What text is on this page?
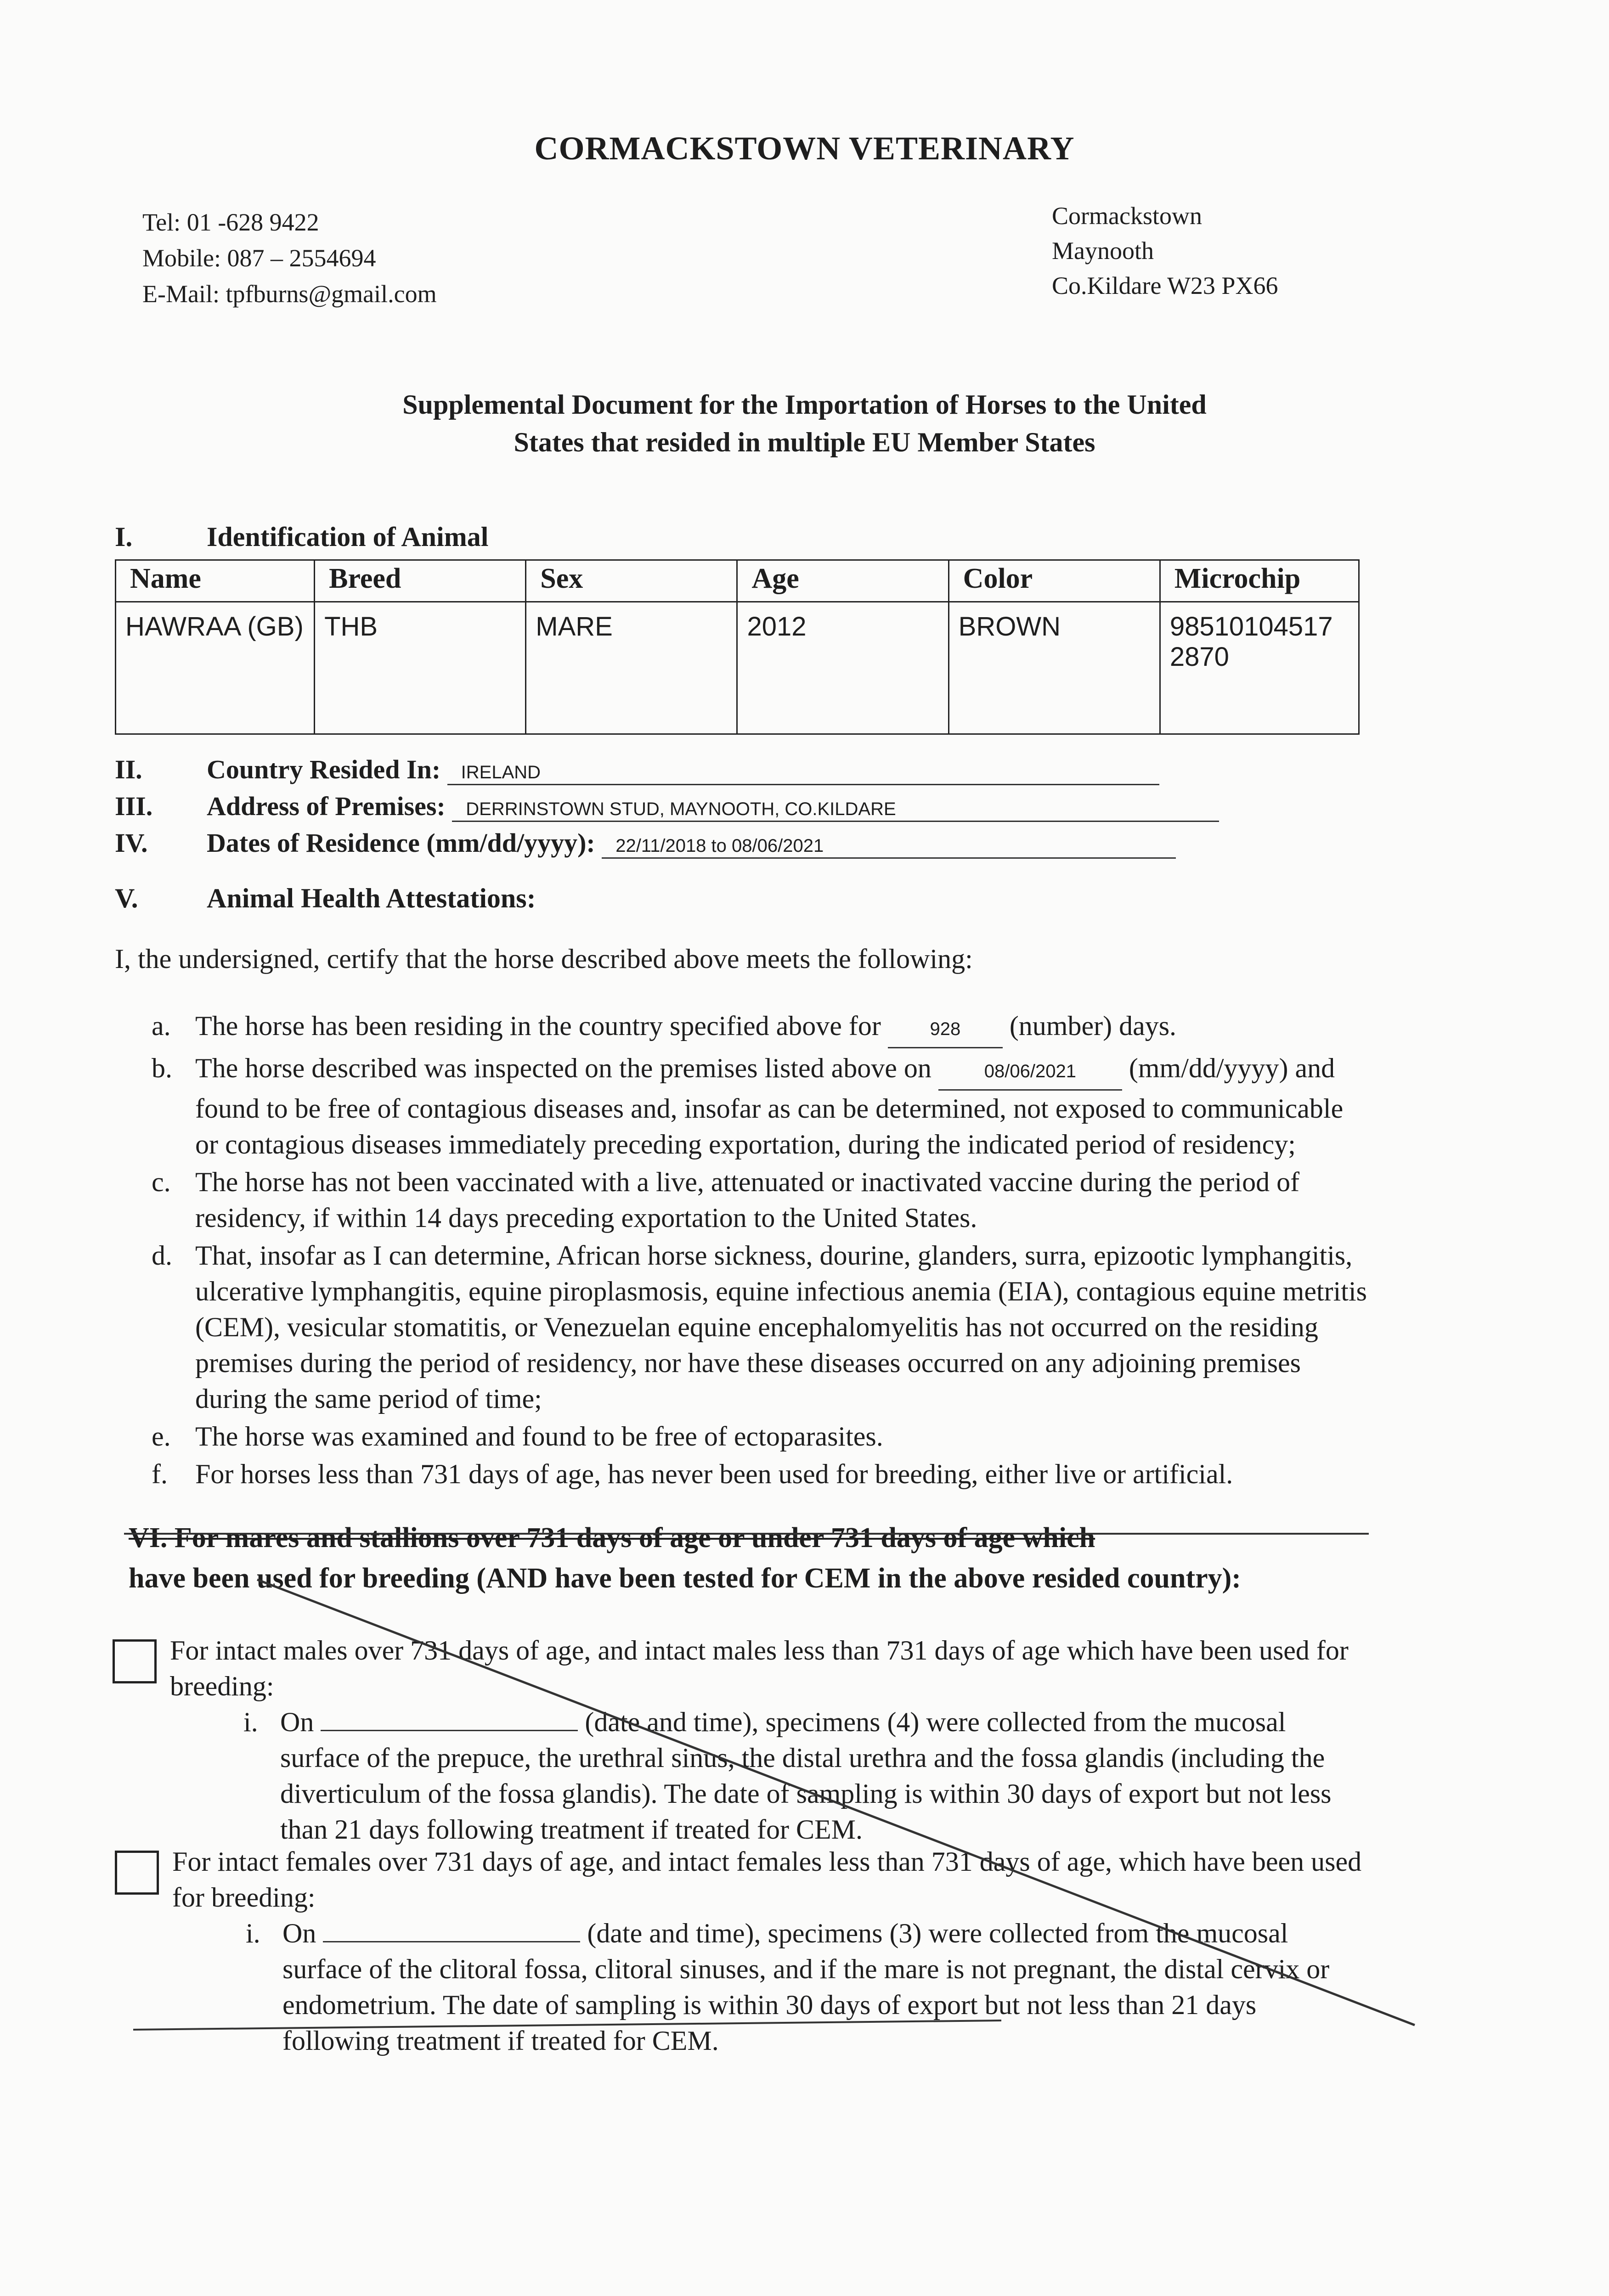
CORMACKSTOWN VETERINARY
Tel: 01 -628 9422
Mobile: 087 – 2554694
E-Mail: tpfburns@gmail.com
Cormackstown
Maynooth
Co.Kildare W23 PX66
Supplemental Document for the Importation of Horses to the United
States that resided in multiple EU Member States
I.	Identification of Animal
Name	Breed	Sex	Age	Color	Microchip
HAWRAA (GB)	THB	MARE	2012	BROWN	98510104517 2870
II. Country Resided In: IRELAND
III. Address of Premises: DERRINSTOWN STUD, MAYNOOTH, CO.KILDARE
IV. Dates of Residence (mm/dd/yyyy): 22/11/2018 to 08/06/2021
V. Animal Health Attestations:
I, the undersigned, certify that the horse described above meets the following:
a. The horse has been residing in the country specified above for	928 (number) days.
b. The horse described was inspected on the premises listed above on	08/06/2021 (mm/dd/yyyy) and found to be free of contagious diseases and, insofar as can be determined, not exposed to communicable or contagious diseases immediately preceding exportation, during the indicated period of residency;
c. The horse has not been vaccinated with a live, attenuated or inactivated vaccine during the period of residency, if within 14 days preceding exportation to the United States.
d. That, insofar as I can determine, African horse sickness, dourine, glanders, surra, epizootic lymphangitis, ulcerative lymphangitis, equine piroplasmosis, equine infectious anemia (EIA), contagious equine metritis (CEM), vesicular stomatitis, or Venezuelan equine encephalomyelitis has not occurred on the residing premises during the period of residency, nor have these diseases occurred on any adjoining premises during the same period of time;
e. The horse was examined and found to be free of ectoparasites.
f.	For horses less than 731 days of age, has never been used for breeding, either live or artificial.
VI. For mares and stallions over 731 days of age or under 731 days of age which
have been used for breeding (AND have been tested for CEM in the above resided country):
For intact males over 731 days of age, and intact males less than 731 days of age which have been used for breeding:
i. On	(date and time), specimens (4) were collected from the mucosal surface of the prepuce, the urethral sinus, the distal urethra and the fossa glandis (including the diverticulum of the fossa glandis). The date of sampling is within 30 days of export but not less than 21 days following treatment if treated for CEM.
For intact females over 731 days of age, and intact females less than 731 days of age, which have been used for breeding:
i. On	(date and time), specimens (3) were collected from the mucosal surface of the clitoral fossa, clitoral sinuses, and if the mare is not pregnant, the distal cervix or endometrium. The date of sampling is within 30 days of export but not less than 21 days following treatment if treated for CEM.
